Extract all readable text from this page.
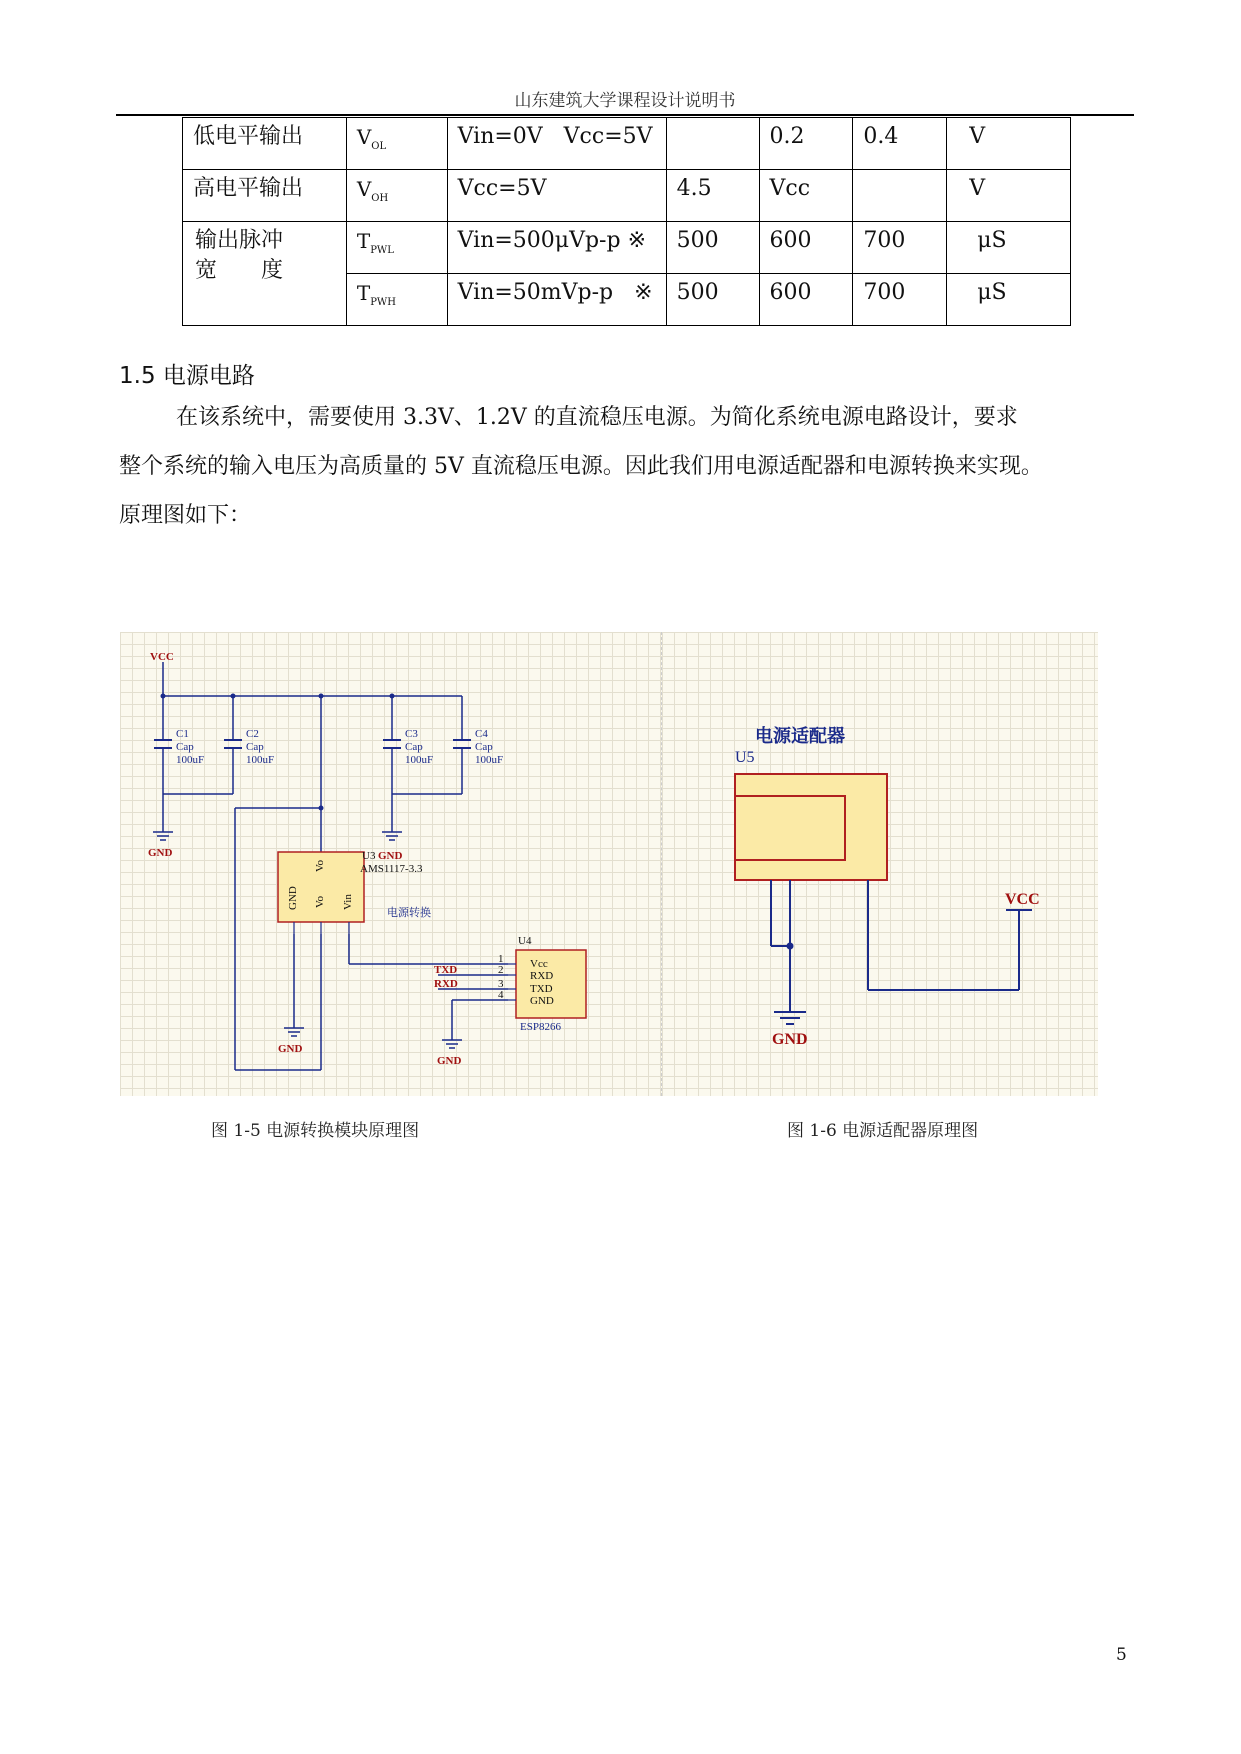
山东建筑大学课程设计说明书
低电平输出	$V_{OL}$	Vin=0V   Vcc=5V		0.2	0.4	V
高电平输出	$V_{OH}$	Vcc=5V	4.5	Vcc		V

输出脉冲
宽　　度	$T_{PWL}$	Vin=500μVp-p ※	500	600	700	μS
	$T_{PWH}$	Vin=50mVp-p   ※	500	600	700	μS
1.5 电源电路
在该系统中，需要使用 3.3V、1.2V 的直流稳压电源。为简化系统电源电路设计，要求
整个系统的输入电压为高质量的 5V 直流稳压电源。因此我们用电源适配器和电源转换来实现。
原理图如下：
GND Vo
Vo
Vin
VCC
GND
GND
GND
C1
Cap
100uF
C2
Cap
100uF
C3
Cap
100uF
C4
Cap
100uF
U3 GND
AMS1117-3.3
电源转换
U4
1
2
3
4
Vcc
RXD
TXD
GND
ESP8266
TXD
RXD
电源适配器
U5
VCC
GND
图 1-5 电源转换模块原理图	图 1-6 电源适配器原理图
5
